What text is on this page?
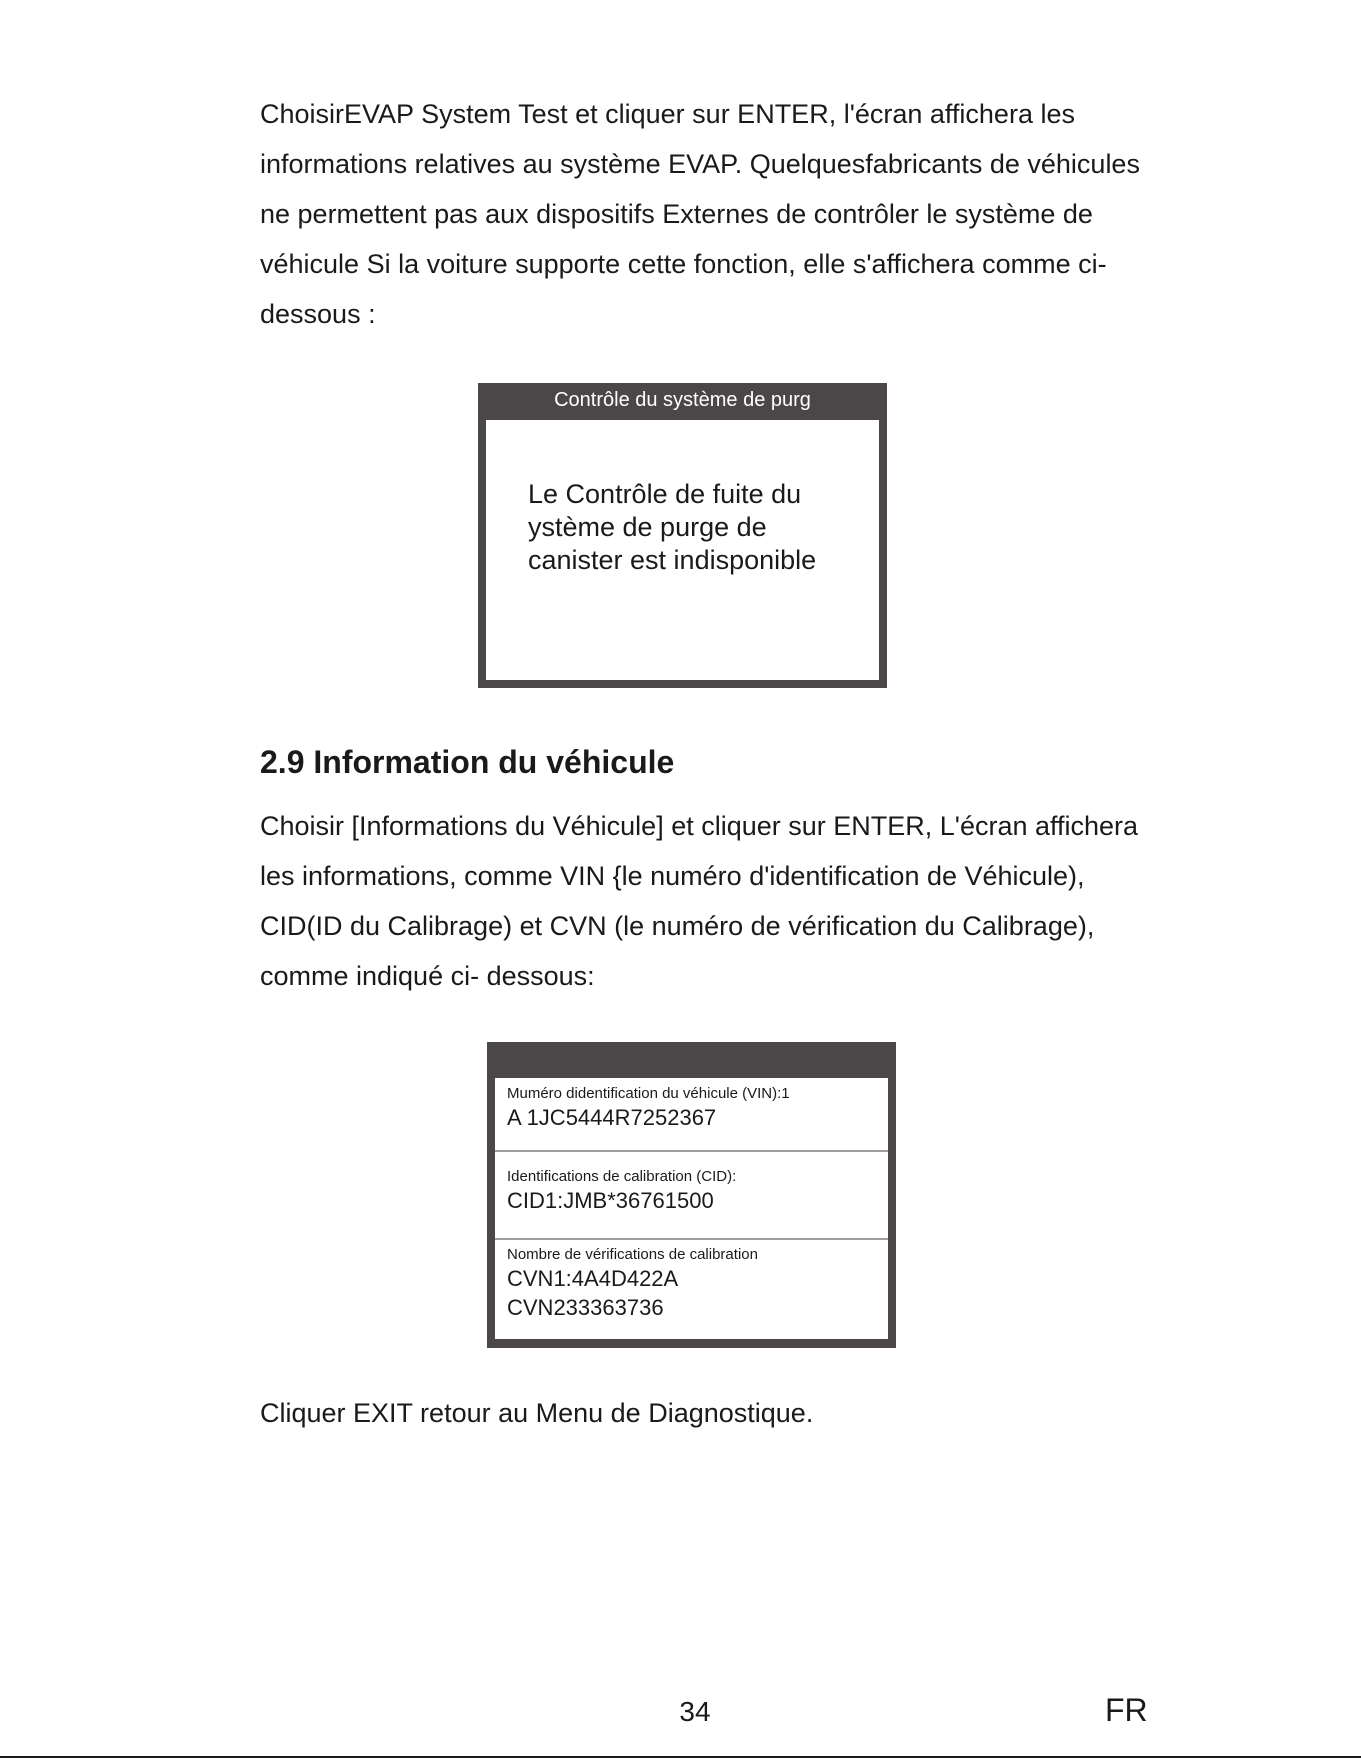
ChoisirEVAP System Test et cliquer sur ENTER, l'écran affichera les informations relatives au système EVAP. Quelquesfabricants de véhicules ne permettent pas aux dispositifs Externes de contrôler le système de véhicule Si la voiture supporte cette fonction, elle s'affichera comme ci-dessous :

Contrôle du système de purg
Le Contrôle de fuite du
ystème de purge de
canister est indisponible
2.9 Information du véhicule

Choisir [Informations du Véhicule] et cliquer sur ENTER, L'écran affichera les informations, comme VIN {le numéro d'identification de Véhicule), CID(ID du Calibrage) et CVN (le numéro de vérification du Calibrage), comme indiqué ci- dessous:

Muméro didentification du véhicule (VIN):1
A 1JC5444R7252367
Identifications de calibration (CID):
CID1:JMB*36761500
Nombre de vérifications de calibration
CVN1:4A4D422A
CVN233363736

Cliquer EXIT retour au Menu de Diagnostique.

34	FR
